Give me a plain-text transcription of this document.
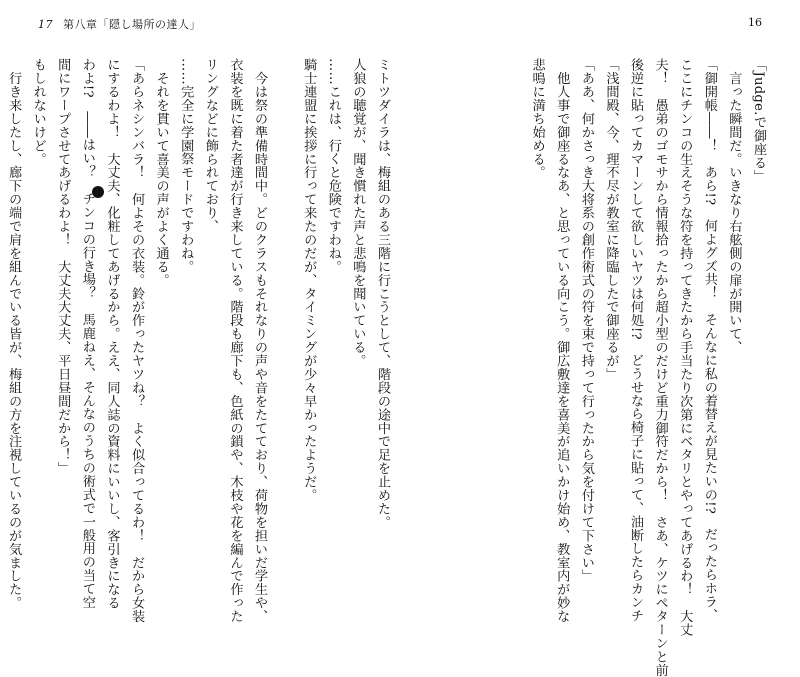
16
「Judge.で御座る」
　言った瞬間だ。いきなり右舷側の扉が開いて、
「御開帳――！　あら!?　何よグズ共！　そんなに私の着替えが見たいの!?　だったらホラ、
ここにチンコの生えそうな符を持ってきたから手当たり次第にベタリとやってあげるわ！　大丈
夫！　愚弟のゴモサから情報拾ったから超小型のだけど重力御符だから！　さあ、ケツにペターンと前
後逆に貼ってカマーンして欲しいヤツは何処!?　どうせなら椅子に貼って、油断したらカンチ
「浅間殿、今、理不尽が教室に降臨したで御座るが」
「ああ、何かさっき大将系の創作術式の符を束で持って行ったから気を付けて下さい」
　他人事で御座るなあ、と思っている向こう。御広敷達を喜美が追いかけ始め、教室内が妙な
悲鳴に満ち始める。
17 第八章「隠し場所の達人」
ミトツダイラは、梅組のある三階に行こうとして、階段の途中で足を止めた。
人狼の聴覚が、聞き慣れた声と悲鳴を聞いている。
……これは、行くと危険ですわね。
騎士連盟に挨拶に行って来たのだが、タイミングが少々早かったようだ。
　今は祭の準備時間中。どのクラスもそれなりの声や音をたてており、荷物を担いだ学生や、
衣装を既に着た者達が行き来している。階段も廊下も、色紙の鎖や、木枝や花を編んで作った
リングなどに飾られており、
……完全に学園祭モードですわね。
　それを貫いて喜美の声がよく通る。
「あらネシンバラ！　何よその衣装。鈴が作ったヤツね？　よく似合ってるわ！　だから女装
にするわよ！　大丈夫、化粧してあげるから。ええ、同人誌の資料にいいし、客引きになる
わよ!?　――はい？　チンコの行き場？　馬鹿ねえ、そんなのうちの術式で一般用の当て空
間にワープさせてあげるわよ！　大丈夫大丈夫、平日昼間だから！」
もしれないけど。
　行き来したし、廊下の端で肩を組んでいる皆が、梅組の方を注視しているのが気ました。
